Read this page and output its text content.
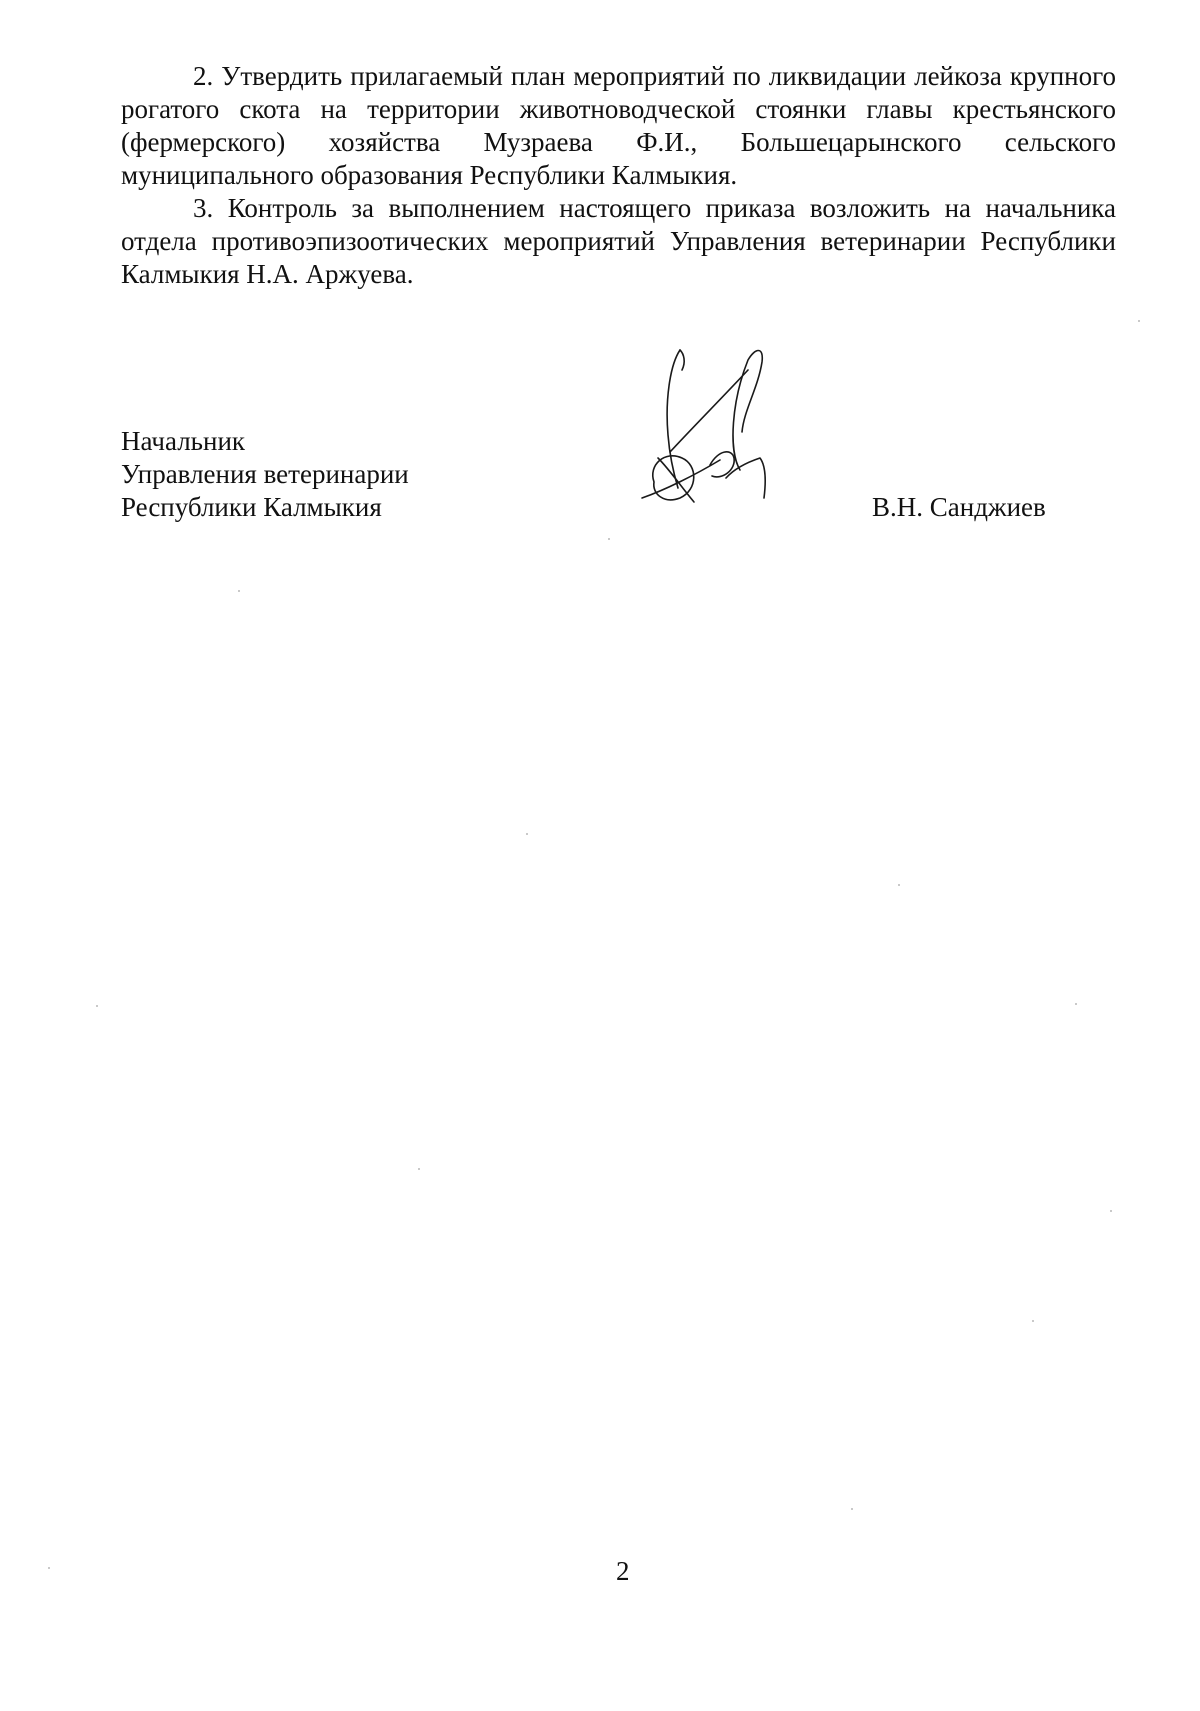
2. Утвердить прилагаемый план мероприятий по ликвидации лейкоза крупного рогатого скота на территории животноводческой стоянки главы крестьянского (фермерского) хозяйства Музраева Ф.И., Большецарынского сельского муниципального образования Республики Калмыкия.

3. Контроль за выполнением настоящего приказа возложить на начальника отдела противоэпизоотических мероприятий Управления ветеринарии Республики Калмыкия Н.А. Аржуева.

Начальник
Управления ветеринарии
Республики Калмыкия	В.Н. Санджиев
2
